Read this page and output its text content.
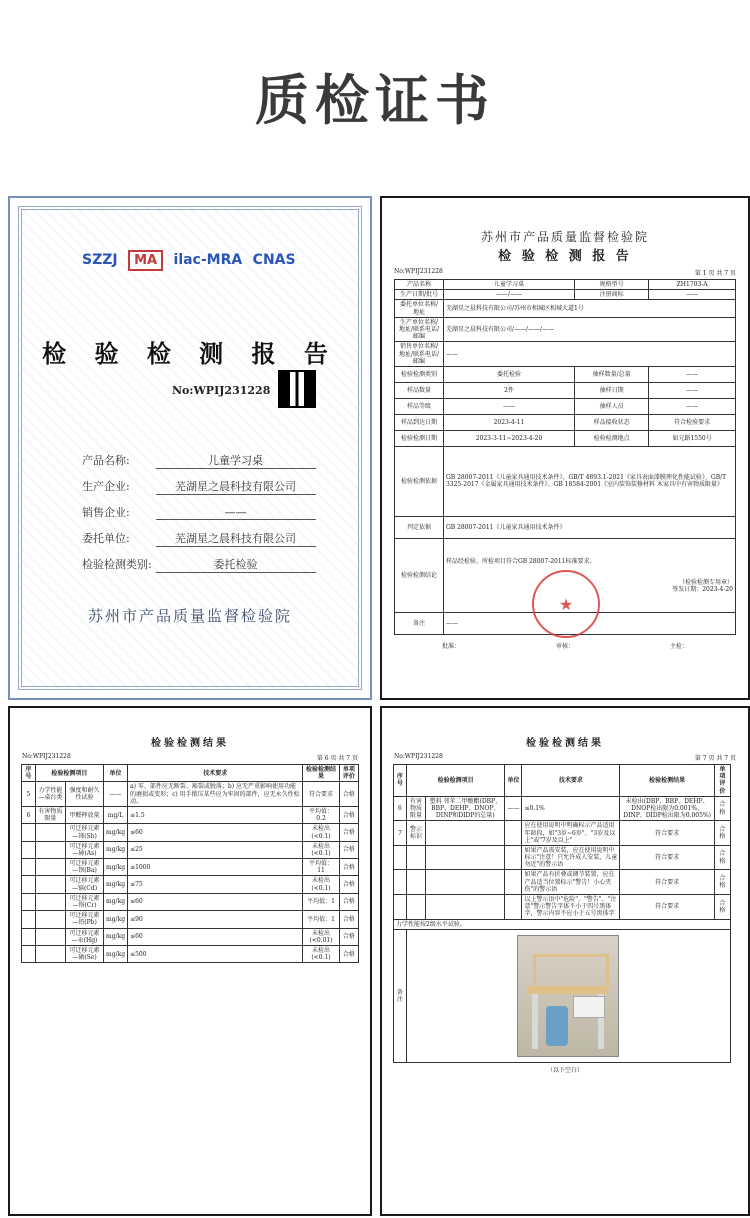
质检证书
SZZJ MA ilac-MRA CNAS
检 验 检 测 报 告
No:WPIJ231228
产品名称:	儿童学习桌
生产企业:	芜湖星之晨科技有限公司
销售企业:	——
委托单位:	芜湖星之晨科技有限公司
检验检测类别:	委托检验
苏州市产品质量监督检验院
苏州市产品质量监督检验院
检 验 检 测 报 告
No:WPIJ231228	第 1 页 共 7 页
产品名称	儿童学习桌	规格型号	ZH1703-A
生产日期/批号	——/——	注册商标	——
委托单位名称/地址	芜湖星之晨科技有限公司/苏州市相城区相城大道1号		
生产单位名称/地址/联系电话/邮编	芜湖星之晨科技有限公司/——/——/——		
销售单位名称/地址/联系电话/邮编	——		
检验检测类别	委托检验	抽样数量/总量	——
样品数量	2件	抽样日期	——
样品等级	——	抽样人员	——
样品到达日期	2023-4-11	样品接收状态	符合检验要求
检验检测日期	2023-3-11~2023-4-20	检验检测地点	如元路1550号
检验检测依据	GB 28007-2011《儿童家具通用技术条件》、GB/T 4893.1-2021《家具表面漆膜理化性能试验》、GB/T 3325-2017《金属家具通用技术条件》、GB 18584-2001《室内装饰装修材料 木家具中有害物质限量》		
判定依据	GB 28007-2011《儿童家具通用技术条件》		
检验检测结论	样品经检验，所检项目符合GB 28007-2011标准要求。
（检验检测专用章）
签发日期：2023-4-20		

备注	——		
★
批准：	审核：	主检：
检验检测结果
No:WPIJ231228	第 6 页 共 7 页
序号	检验检测项目		单位	技术要求	检验检测结果	单项评价
5	力学性能—桌台类	强度和耐久性试验	——	a) 零、部件应无断裂、豁裂或脱落；b) 应无严重影响使用功能的磨损或变形；c) 用手揿压某些应为牢固的部件，应无永久性松动。	符合要求	合格
6	有害物质限量	甲醛释放量	mg/L	≤1.5	平均值：0.2	合格
		可迁移元素—锑(Sb)	mg/kg	≤60	未检出(<0.1)	合格
		可迁移元素—砷(As)	mg/kg	≤25	未检出(<0.1)	合格
		可迁移元素—钡(Ba)	mg/kg	≤1000	平均值：11	合格
		可迁移元素—镉(Cd)	mg/kg	≤75	未检出(<0.1)	合格
		可迁移元素—铬(Cr)	mg/kg	≤60	平均值：1	合格
		可迁移元素—铅(Pb)	mg/kg	≤90	平均值：1	合格
		可迁移元素—汞(Hg)	mg/kg	≤60	未检出(<0.01)	合格
		可迁移元素—硒(Se)	mg/kg	≤500	未检出(<0.1)	合格
检验检测结果
No:WPIJ231228	第 7 页 共 7 页
序号	检验检测项目		单位	技术要求	检验检测结果	单项评价
6	有害物质限量	塑料 邻苯二甲酸酯(DBP、BBP、DEHP、DNOP、DINP和DIDP的总量)	——	≤0.1%	未检出(DBP、BBP、DEHP、DNOP检出限为0.001%，DINP、DIDP检出限为0.005%)	合格
7	警示标识			应在使用说明中明确标示产品适用年龄段，如"3岁~6岁"、"3岁及以上"或"7岁及以上"	符合要求	合格
				如果产品需安装，应在使用说明中标示"注意！只允许成人安装，儿童勿近"的警示语	符合要求	合格
				如果产品有折叠或调节装置，应在产品适当位置标示"警告！小心夹伤"的警示语	符合要求	合格
				以上警示语中"危险"、"警告"、"注意"警示警告字体不小于四号黑体字，警示内容不应小于五号黑体字	符合要求	合格
力学性能按2级水平试验。						
备注						
（以下空白）
